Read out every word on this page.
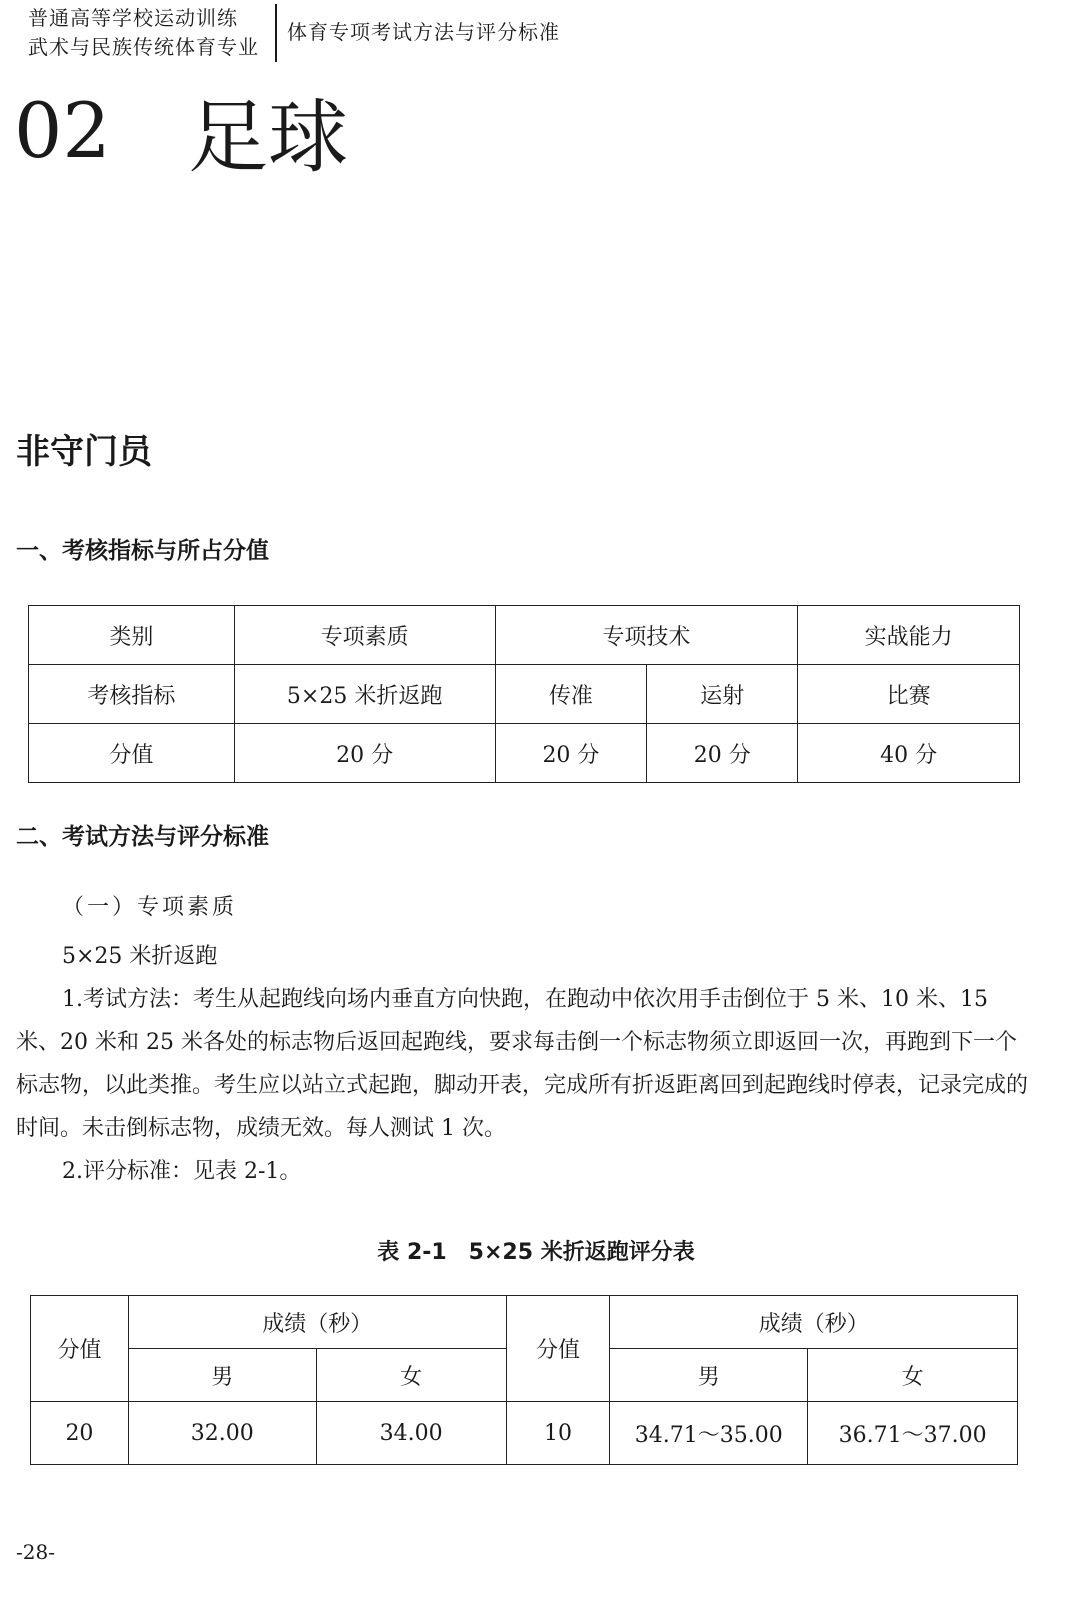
普通高等学校运动训练
武术与民族传统体育专业
体育专项考试方法与评分标准
02 足球
非守门员
一、考核指标与所占分值
类别	专项素质	专项技术		实战能力
考核指标	5×25 米折返跑	传准	运射	比赛
分值	20 分	20 分	20 分	40 分
二、考试方法与评分标准
（一）专项素质
5×25 米折返跑
1.考试方法：考生从起跑线向场内垂直方向快跑，在跑动中依次用手击倒位于 5 米、10 米、15 米、20 米和 25 米各处的标志物后返回起跑线，要求每击倒一个标志物须立即返回一次，再跑到下一个标志物，以此类推。考生应以站立式起跑，脚动开表，完成所有折返距离回到起跑线时停表，记录完成的时间。未击倒标志物，成绩无效。每人测试 1 次。
2.评分标准：见表 2-1。
表 2-1　5×25 米折返跑评分表
分值	成绩（秒）		分值	成绩（秒）	
	男	女		男	女
20	32.00	34.00	10	34.71～35.00	36.71～37.00
-28-
